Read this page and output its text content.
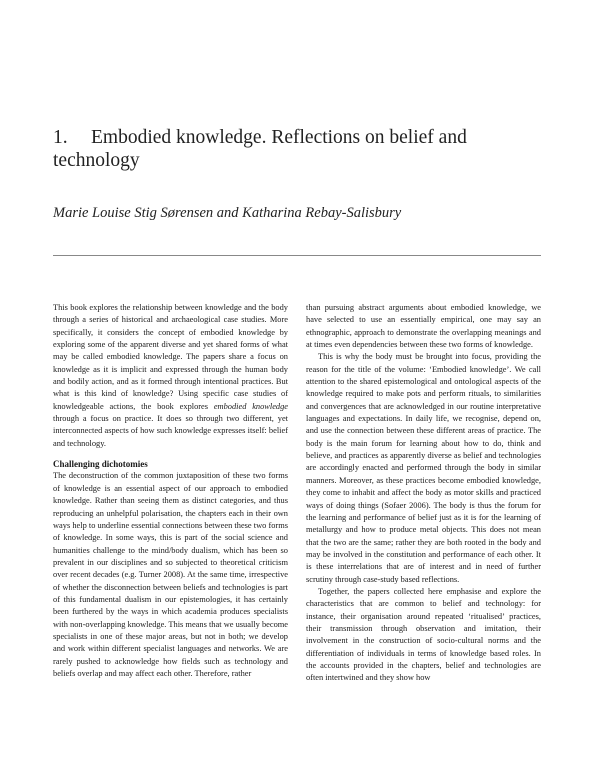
1. Embodied knowledge. Reflections on belief and technology

Marie Louise Stig Sørensen and Katharina Rebay-Salisbury

This book explores the relationship between knowledge and the body through a series of historical and archaeological case studies. More specifically, it considers the concept of embodied knowledge by exploring some of the apparent diverse and yet shared forms of what may be called embodied knowledge. The papers share a focus on knowledge as it is implicit and expressed through the human body and bodily action, and as it formed through intentional practices. But what is this kind of knowledge? Using specific case studies of knowledgeable actions, the book explores embodied knowledge through a focus on practice. It does so through two different, yet interconnected aspects of how such knowledge expresses itself: belief and technology.

Challenging dichotomies

The deconstruction of the common juxtaposition of these two forms of knowledge is an essential aspect of our approach to embodied knowledge. Rather than seeing them as distinct categories, and thus reproducing an unhelpful polarisation, the chapters each in their own ways help to underline essential connections between these two forms of knowledge. In some ways, this is part of the social science and humanities challenge to the mind/body dualism, which has been so prevalent in our disciplines and so subjected to theoretical criticism over recent decades (e.g. Turner 2008). At the same time, irrespective of whether the disconnection between beliefs and technologies is part of this fundamental dualism in our epistemologies, it has certainly been furthered by the ways in which academia produces specialists with non-overlapping knowledge. This means that we usually become specialists in one of these major areas, but not in both; we develop and work within different specialist languages and networks. We are rarely pushed to acknowledge how fields such as technology and beliefs overlap and may affect each other. Therefore, rather

than pursuing abstract arguments about embodied knowledge, we have selected to use an essentially empirical, one may say an ethnographic, approach to demonstrate the overlapping meanings and at times even dependencies between these two forms of knowledge.

This is why the body must be brought into focus, providing the reason for the title of the volume: ‘Embodied knowledge’. We call attention to the shared epistemological and ontological aspects of the knowledge required to make pots and perform rituals, to similarities and convergences that are acknowledged in our routine interpretative languages and expectations. In daily life, we recognise, depend on, and use the connection between these different areas of practice. The body is the main forum for learning about how to do, think and believe, and practices as apparently diverse as belief and technologies are accordingly enacted and performed through the body in similar manners. Moreover, as these practices become embodied knowledge, they come to inhabit and affect the body as motor skills and practiced ways of doing things (Sofaer 2006). The body is thus the forum for the learning and performance of belief just as it is for the learning of metallurgy and how to produce metal objects. This does not mean that the two are the same; rather they are both rooted in the body and may be involved in the constitution and performance of each other. It is these interrelations that are of interest and in need of further scrutiny through case-study based reflections.

Together, the papers collected here emphasise and explore the characteristics that are common to belief and technology: for instance, their organisation around repeated ‘ritualised’ practices, their transmission through observation and imitation, their involvement in the construction of socio-cultural norms and the differentiation of individuals in terms of knowledge based roles. In the accounts provided in the chapters, belief and technologies are often intertwined and they show how
